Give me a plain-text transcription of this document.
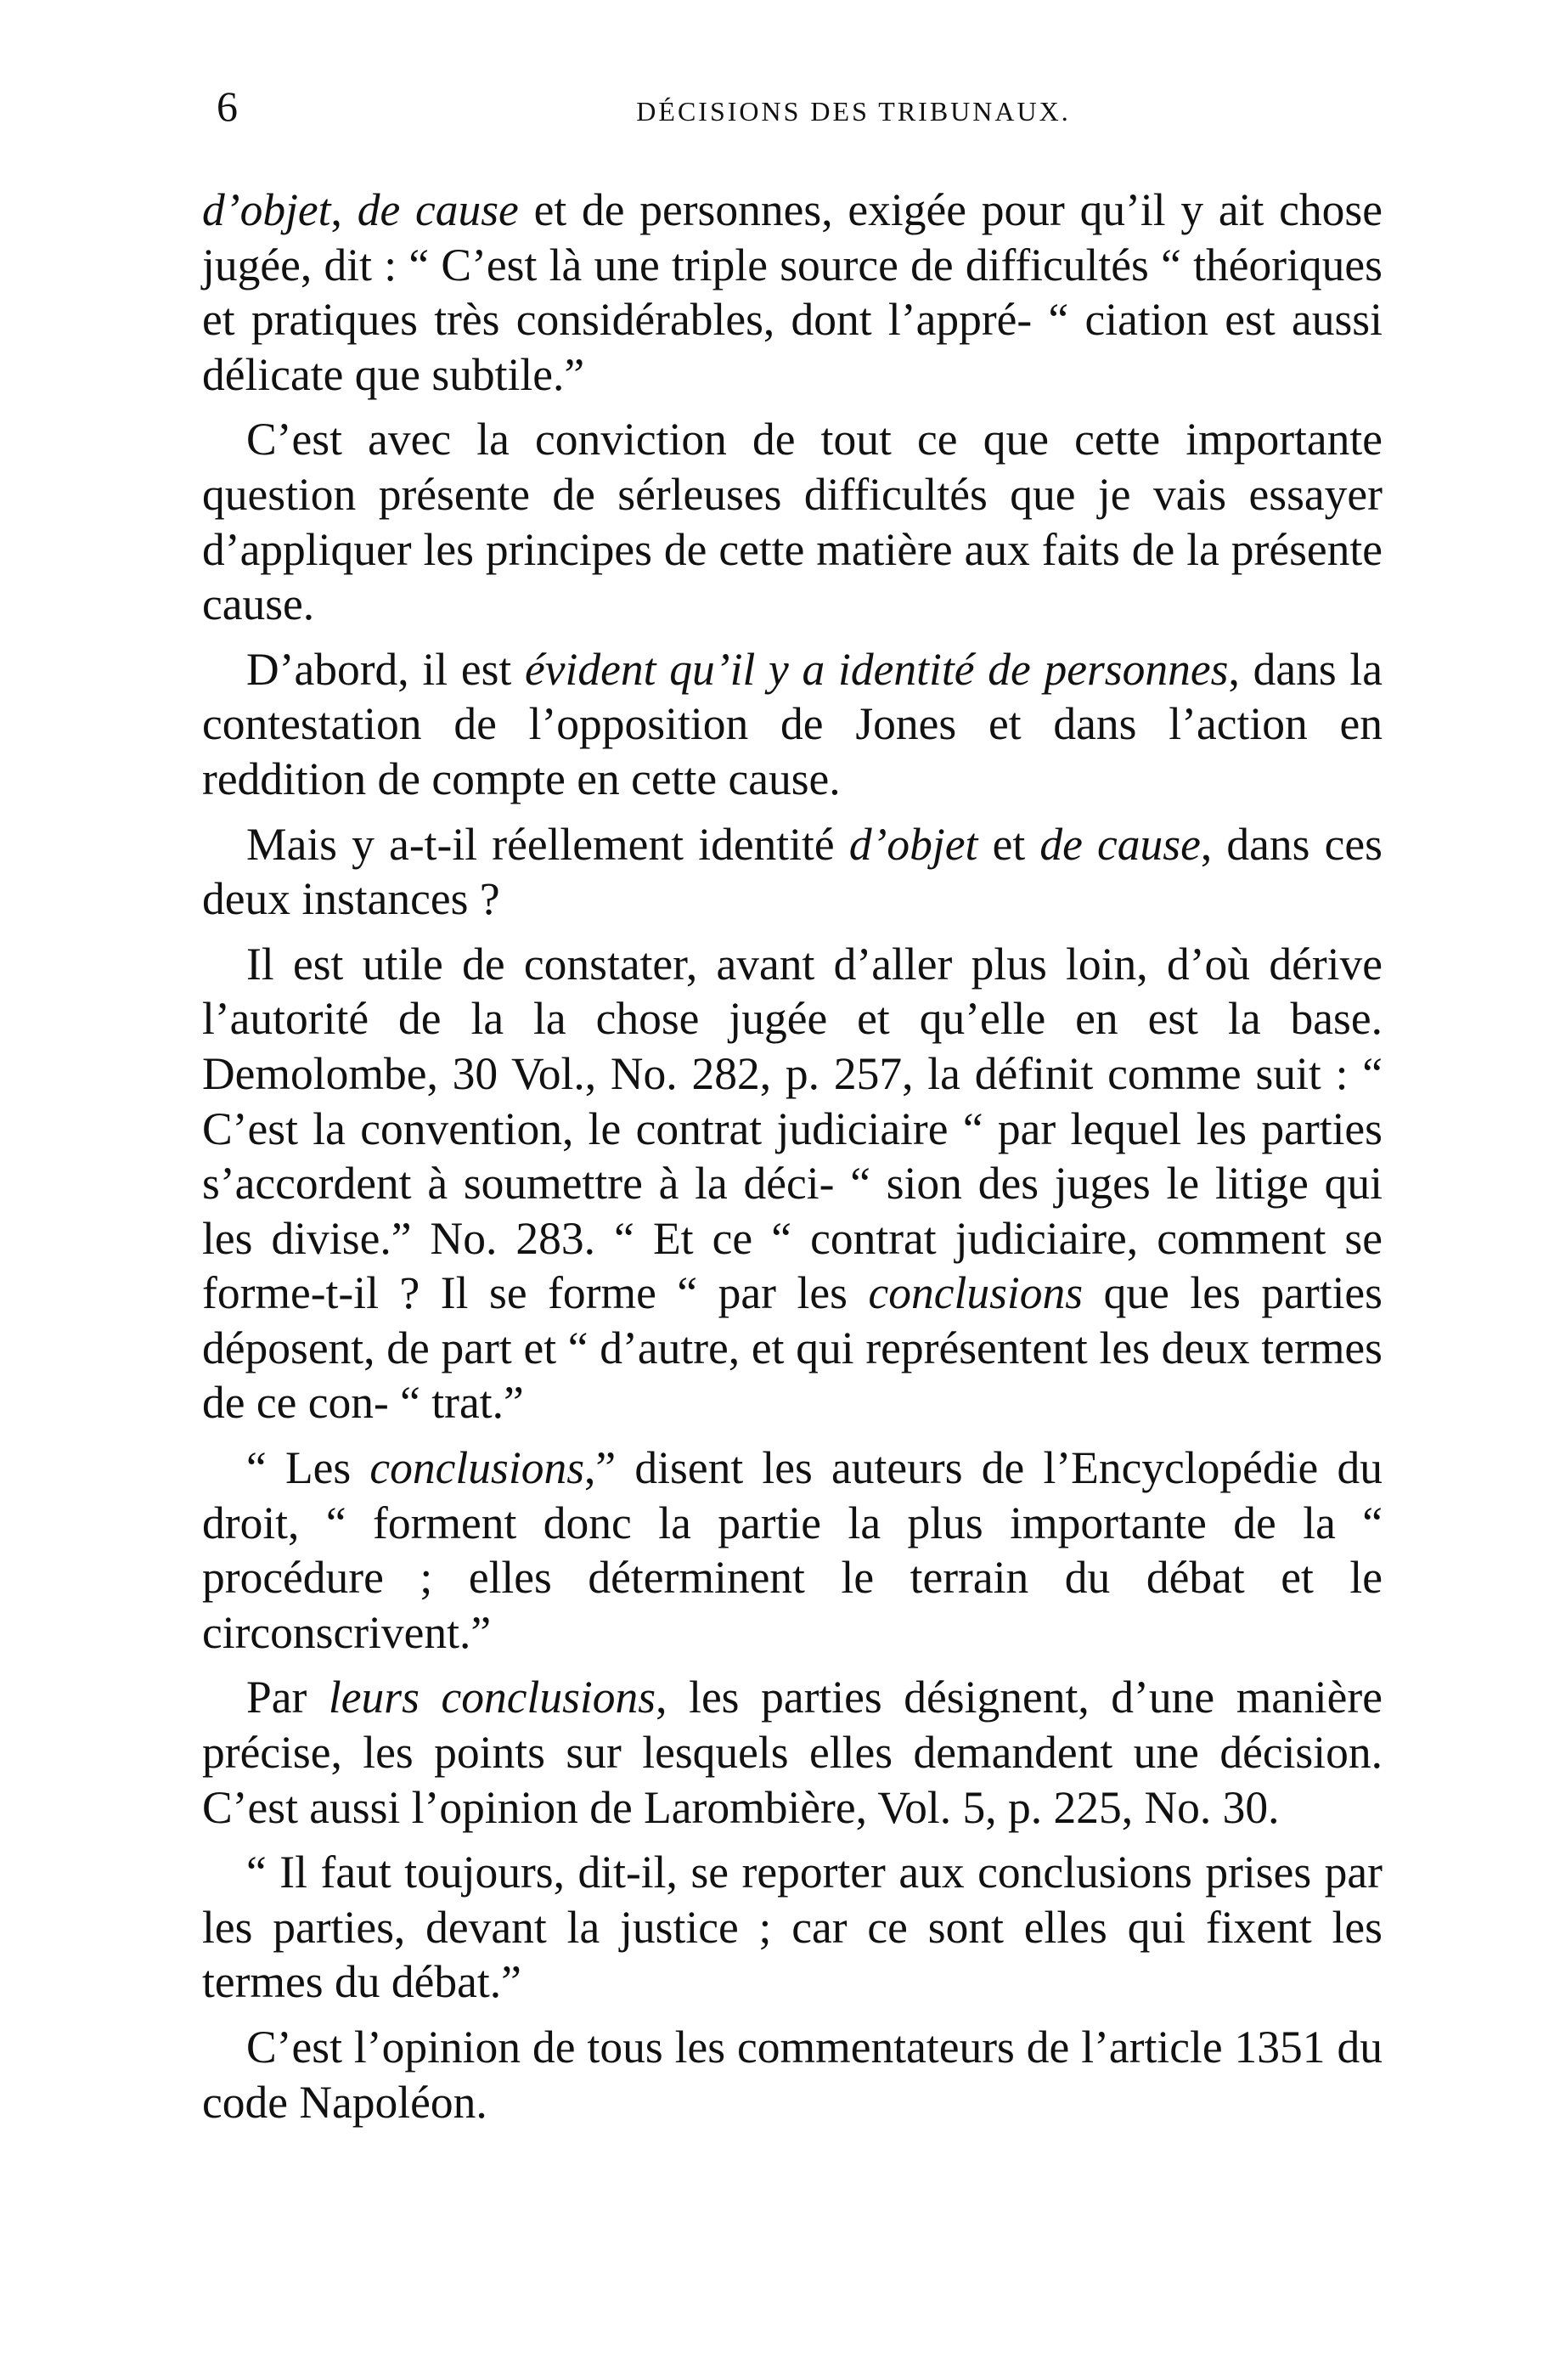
6	DÉCISIONS DES TRIBUNAUX.

d’objet, de cause et de personnes, exigée pour qu’il y ait chose jugée, dit : “ C’est là une triple source de difficultés “ théoriques et pratiques très considérables, dont l’appré- “ ciation est aussi délicate que subtile.”

C’est avec la conviction de tout ce que cette importante question présente de sérleuses difficultés que je vais essayer d’appliquer les principes de cette matière aux faits de la présente cause.

D’abord, il est évident qu’il y a identité de personnes, dans la contestation de l’opposition de Jones et dans l’action en reddition de compte en cette cause.

Mais y a-t-il réellement identité d’objet et de cause, dans ces deux instances ?

Il est utile de constater, avant d’aller plus loin, d’où dérive l’autorité de la la chose jugée et qu’elle en est la base. Demolombe, 30 Vol., No. 282, p. 257, la définit comme suit : “ C’est la convention, le contrat judiciaire “ par lequel les parties s’accordent à soumettre à la déci- “ sion des juges le litige qui les divise.” No. 283. “ Et ce “ contrat judiciaire, comment se forme-t-il ? Il se forme “ par les conclusions que les parties déposent, de part et “ d’autre, et qui représentent les deux termes de ce con- “ trat.”

“ Les conclusions,” disent les auteurs de l’Encyclopédie du droit, “ forment donc la partie la plus importante de la “ procédure ; elles déterminent le terrain du débat et le circonscrivent.”

Par leurs conclusions, les parties désignent, d’une manière précise, les points sur lesquels elles demandent une décision. C’est aussi l’opinion de Larombière, Vol. 5, p. 225, No. 30.

“ Il faut toujours, dit-il, se reporter aux conclusions prises par les parties, devant la justice ; car ce sont elles qui fixent les termes du débat.”

C’est l’opinion de tous les commentateurs de l’article 1351 du code Napoléon.
